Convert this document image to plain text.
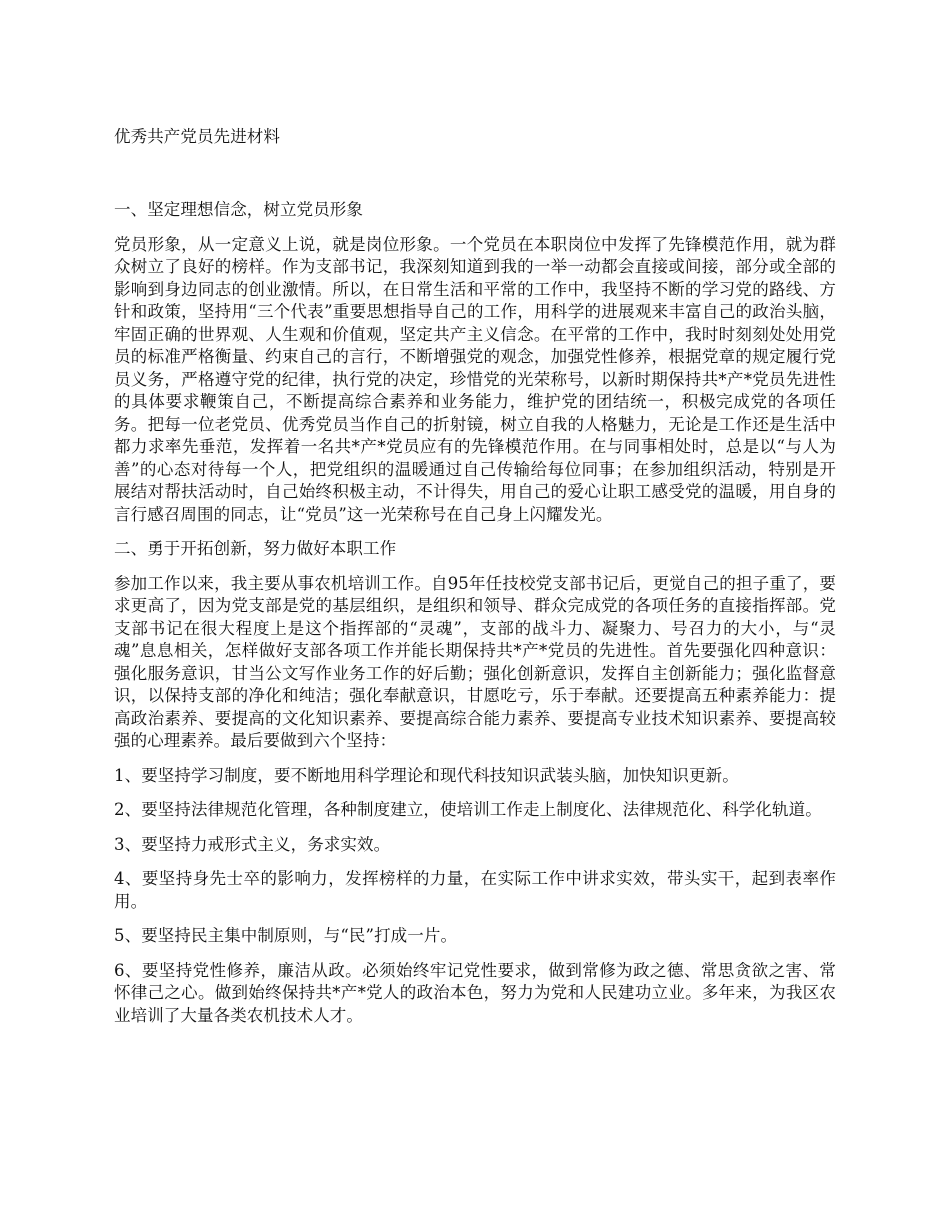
优秀共产党员先进材料

一、坚定理想信念，树立党员形象

党员形象，从一定意义上说，就是岗位形象。一个党员在本职岗位中发挥了先锋模范作用，就为群众树立了良好的榜样。作为支部书记，我深刻知道到我的一举一动都会直接或间接，部分或全部的影响到身边同志的创业激情。所以，在日常生活和平常的工作中，我坚持不断的学习党的路线、方针和政策，坚持用“三个代表”重要思想指导自己的工作，用科学的进展观来丰富自己的政治头脑，牢固正确的世界观、人生观和价值观，坚定共产主义信念。在平常的工作中，我时时刻刻处处用党员的标准严格衡量、约束自己的言行，不断增强党的观念，加强党性修养，根据党章的规定履行党员义务，严格遵守党的纪律，执行党的决定，珍惜党的光荣称号，以新时期保持共*产*党员先进性的具体要求鞭策自己，不断提高综合素养和业务能力，维护党的团结统一，积极完成党的各项任务。把每一位老党员、优秀党员当作自己的折射镜，树立自我的人格魅力，无论是工作还是生活中都力求率先垂范，发挥着一名共*产*党员应有的先锋模范作用。在与同事相处时，总是以“与人为善”的心态对待每一个人，把党组织的温暖通过自己传输给每位同事；在参加组织活动，特别是开展结对帮扶活动时，自己始终积极主动，不计得失，用自己的爱心让职工感受党的温暖，用自身的言行感召周围的同志，让“党员”这一光荣称号在自己身上闪耀发光。

二、勇于开拓创新，努力做好本职工作

参加工作以来，我主要从事农机培训工作。自95年任技校党支部书记后，更觉自己的担子重了，要求更高了，因为党支部是党的基层组织，是组织和领导、群众完成党的各项任务的直接指挥部。党支部书记在很大程度上是这个指挥部的“灵魂”，支部的战斗力、凝聚力、号召力的大小，与“灵魂”息息相关，怎样做好支部各项工作并能长期保持共*产*党员的先进性。首先要强化四种意识：强化服务意识，甘当公文写作业务工作的好后勤；强化创新意识，发挥自主创新能力；强化监督意识，以保持支部的净化和纯洁；强化奉献意识，甘愿吃亏，乐于奉献。还要提高五种素养能力：提高政治素养、要提高的文化知识素养、要提高综合能力素养、要提高专业技术知识素养、要提高较强的心理素养。最后要做到六个坚持：

1、要坚持学习制度，要不断地用科学理论和现代科技知识武装头脑，加快知识更新。

2、要坚持法律规范化管理，各种制度建立，使培训工作走上制度化、法律规范化、科学化轨道。

3、要坚持力戒形式主义，务求实效。

4、要坚持身先士卒的影响力，发挥榜样的力量，在实际工作中讲求实效，带头实干，起到表率作用。

5、要坚持民主集中制原则，与“民”打成一片。

6、要坚持党性修养，廉洁从政。必须始终牢记党性要求，做到常修为政之德、常思贪欲之害、常怀律己之心。做到始终保持共*产*党人的政治本色，努力为党和人民建功立业。多年来，为我区农业培训了大量各类农机技术人才。
